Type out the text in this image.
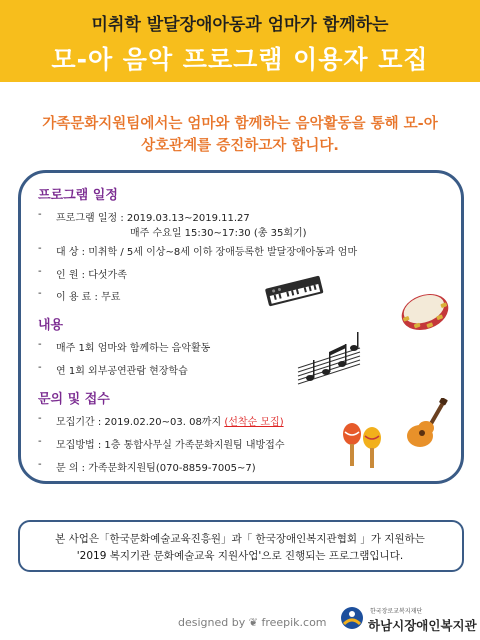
미취학 발달장애아동과 엄마가 함께하는
모-아 음악 프로그램 이용자 모집
가족문화지원팀에서는 엄마와 함께하는 음악활동을 통해 모-아
상호관계를 증진하고자 합니다.
프로그램 일정
- 프로그램 일정 : 2019.03.13~2019.11.27
매주 수요일 15:30~17:30 (총 35회기)
- 대 상 : 미취학 / 5세 이상~8세 이하 장애등록한 발달장애아동과 엄마
- 인 원 : 다섯가족
- 이 용 료 : 무료
내용
- 매주 1회 엄마와 함께하는 음악활동
- 연 1회 외부공연관람 현장학습
문의 및 접수
- 모집기간 : 2019.02.20~03. 08까지 (선착순 모집)
- 모집방법 : 1층 통합사무실 가족문화지원팀 내방접수
- 문 의 : 가족문화지원팀(070-8859-7005~7)
본 사업은「한국문화예술교육진흥원」과「 한국장애인복지관협회 」가 지원하는
'2019 복지기관 문화예술교육 지원사업'으로 진행되는 프로그램입니다.
designed by ❦ freepik.com
한국장로교복지재단
하남시장애인복지관
